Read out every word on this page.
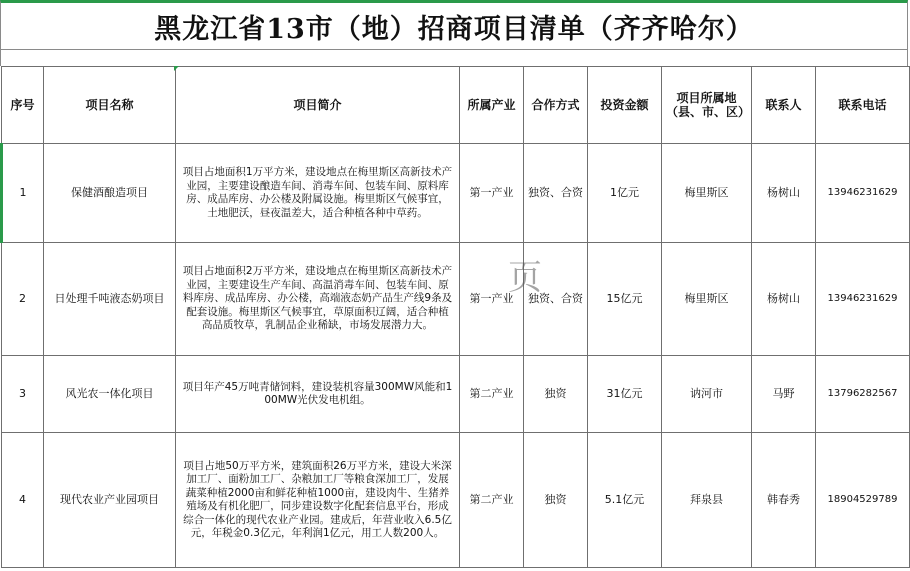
黑龙江省13市（地）招商项目清单（齐齐哈尔）
序号	项目名称	项目简介	所属产业	合作方式	投资金额	项目所属地（县、市、区）	联系人	联系电话
1	保健酒酿造项目	项目占地面积1万平方米，建设地点在梅里斯区高新技术产业园，主要建设酿造车间、消毒车间、包装车间、原料库房、成品库房、办公楼及附属设施。梅里斯区气候事宜，土地肥沃，昼夜温差大，适合种植各种中草药。	第一产业	独资、合资	1亿元	梅里斯区	杨树山	13946231629
2	日处理千吨液态奶项目	项目占地面积2万平方米，建设地点在梅里斯区高新技术产业园，主要建设生产车间、高温消毒车间、包装车间、原料库房、成品库房、办公楼，高端液态奶产品生产线9条及配套设施。梅里斯区气候事宜，草原面积辽阔，适合种植高品质牧草，乳制品企业稀缺，市场发展潜力大。	第一产业	独资、合资	15亿元	梅里斯区	杨树山	13946231629
3	风光农一体化项目	项目年产45万吨青储饲料，建设装机容量300MW风能和100MW光伏发电机组。	第二产业	独资	31亿元	讷河市	马野	13796282567
4	现代农业产业园项目	项目占地50万平方米，建筑面积26万平方米，建设大米深加工厂、面粉加工厂、杂粮加工厂等粮食深加工厂，发展蔬菜种植2000亩和鲜花种植1000亩，建设肉牛、生猪养殖场及有机化肥厂，同步建设数字化配套信息平台，形成综合一体化的现代农业产业园。建成后，年营业收入6.5亿元，年税金0.3亿元，年利润1亿元，用工人数200人。	第二产业	独资	5.1亿元	拜泉县	韩春秀	18904529789
页
